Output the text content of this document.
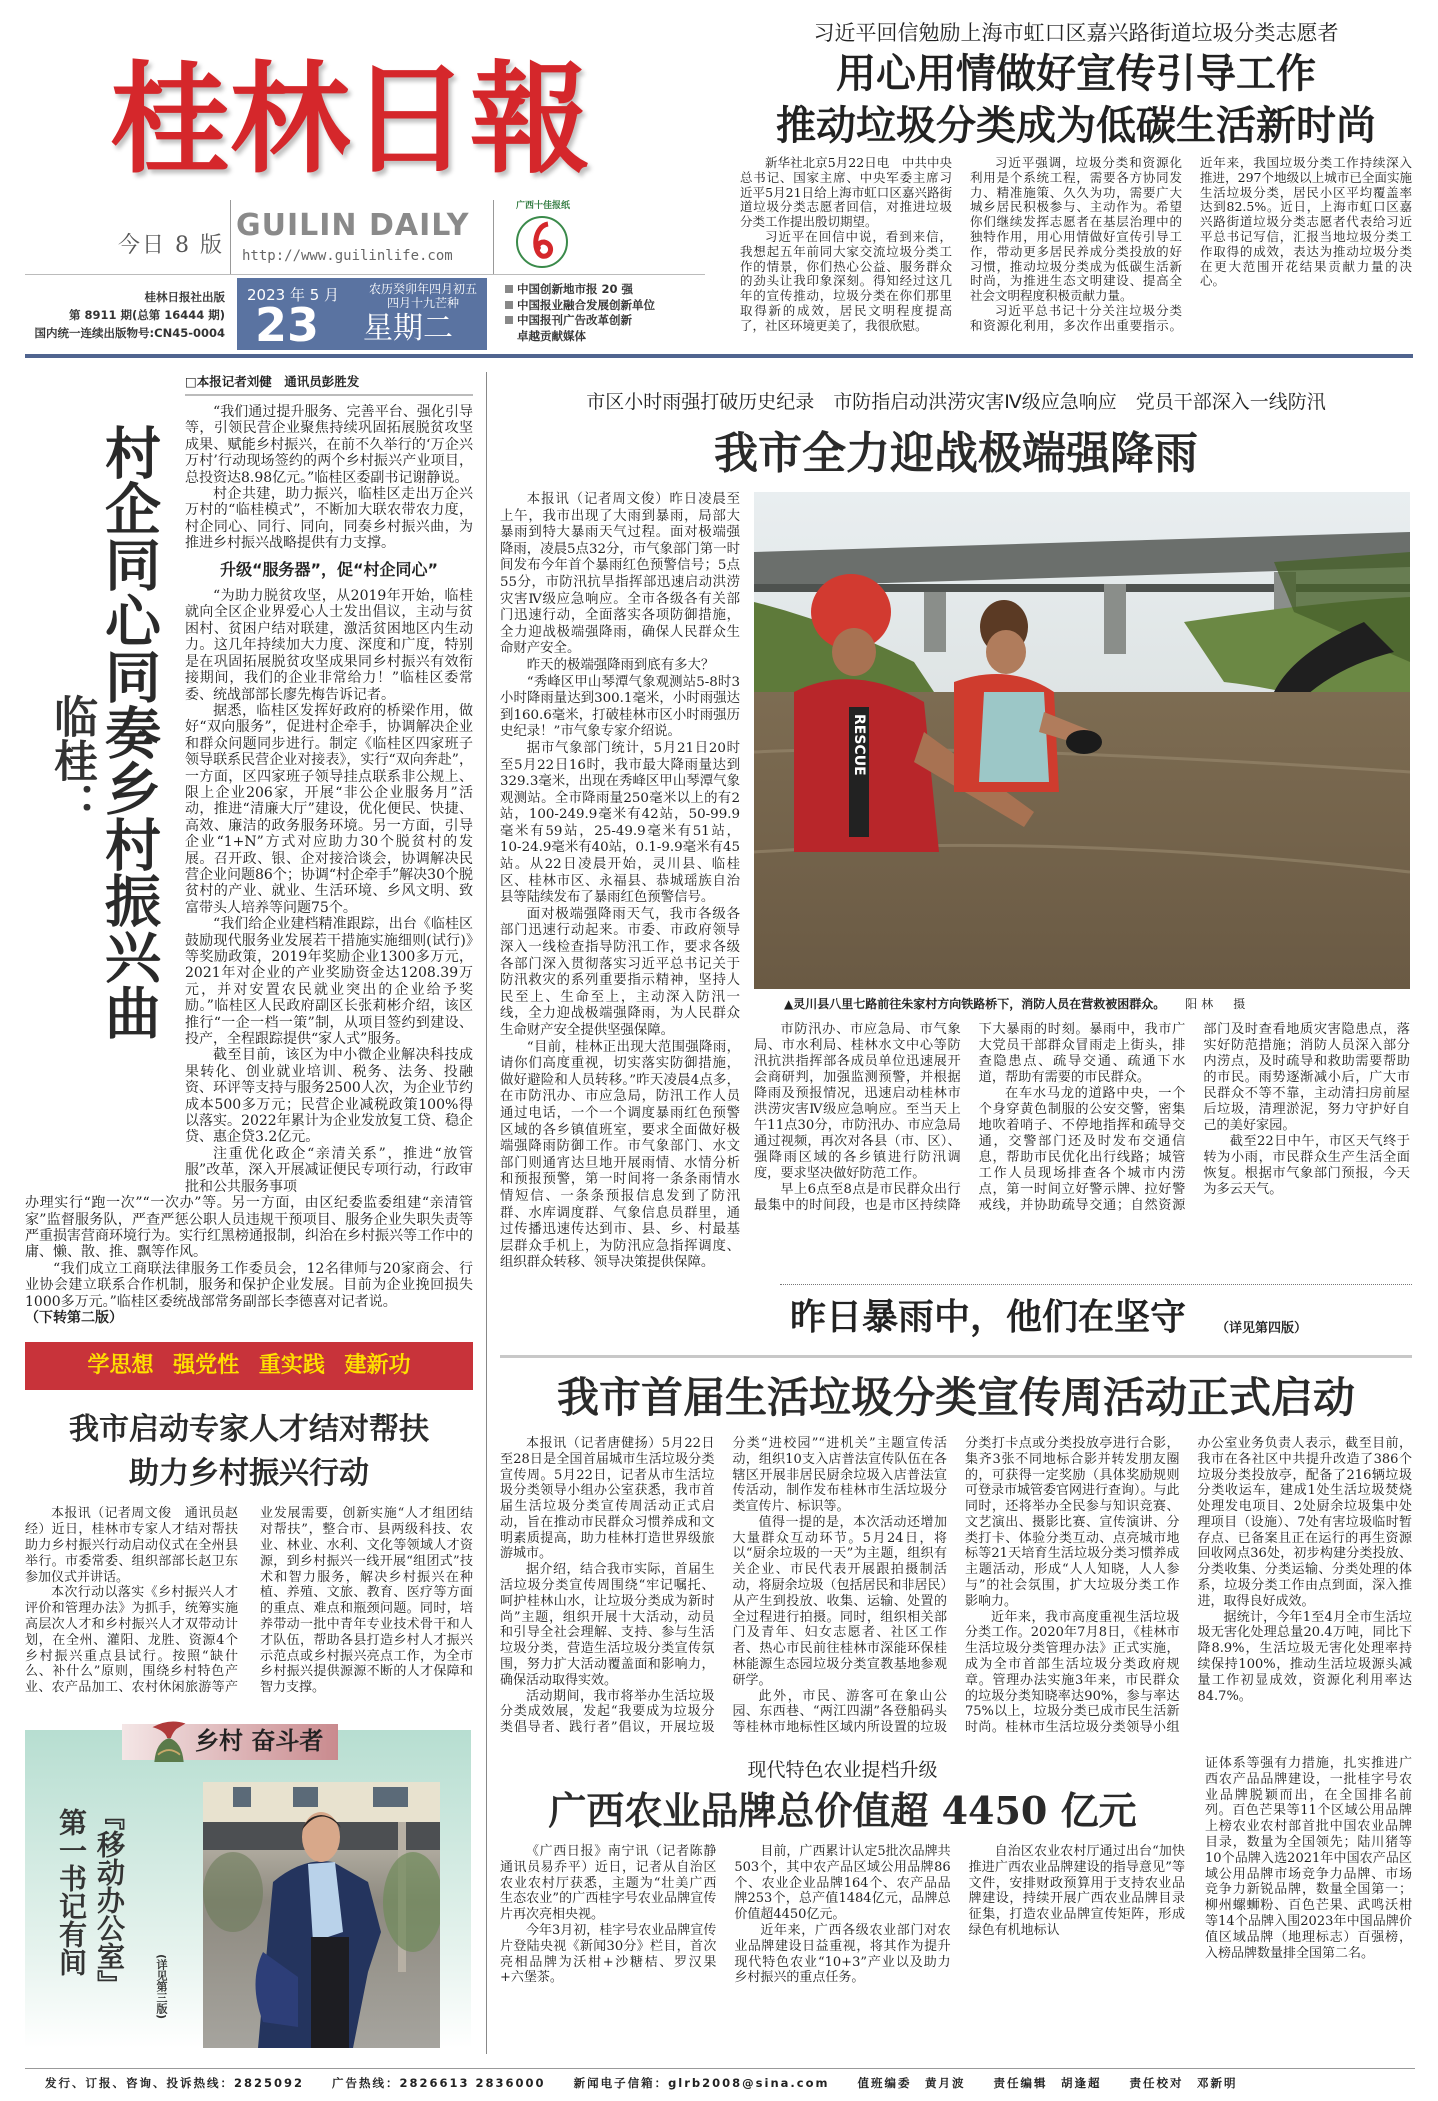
桂林日報
今日 8 版
GUILIN DAILY
http://www.guilinlife.com
广西十佳报纸
桂林日报社出版
第 8911 期(总第 16444 期)
国内统一连续出版物号:CN45-0004
2023 年 5 月
23
农历癸卯年四月初五
四月十九芒种
星期二
中国创新地市报 20 强
中国报业融合发展创新单位
中国报刊广告改革创新
卓越贡献媒体
习近平回信勉励上海市虹口区嘉兴路街道垃圾分类志愿者
用心用情做好宣传引导工作
推动垃圾分类成为低碳生活新时尚

新华社北京5月22日电　中共中央总书记、国家主席、中央军委主席习近平5月21日给上海市虹口区嘉兴路街道垃圾分类志愿者回信，对推进垃圾分类工作提出殷切期望。

习近平在回信中说，看到来信，我想起五年前同大家交流垃圾分类工作的情景，你们热心公益、服务群众的劲头让我印象深刻。得知经过这几年的宣传推动，垃圾分类在你们那里取得新的成效，居民文明程度提高了，社区环境更美了，我很欣慰。

习近平强调，垃圾分类和资源化利用是个系统工程，需要各方协同发力、精准施策、久久为功，需要广大城乡居民积极参与、主动作为。希望你们继续发挥志愿者在基层治理中的独特作用，用心用情做好宣传引导工作，带动更多居民养成分类投放的好习惯，推动垃圾分类成为低碳生活新时尚，为推进生态文明建设、提高全社会文明程度积极贡献力量。

习近平总书记十分关注垃圾分类和资源化利用，多次作出重要指示。近年来，我国垃圾分类工作持续深入推进，297个地级以上城市已全面实施生活垃圾分类，居民小区平均覆盖率达到82.5%。近日，上海市虹口区嘉兴路街道垃圾分类志愿者代表给习近平总书记写信，汇报当地垃圾分类工作取得的成效，表达为推动垃圾分类在更大范围开花结果贡献力量的决心。

□本报记者刘健　通讯员彭胜发
村企同心同奏乡村振兴曲
临桂：

“我们通过提升服务、完善平台、强化引导等，引领民营企业聚焦持续巩固拓展脱贫攻坚成果、赋能乡村振兴，在前不久举行的‘万企兴万村’行动现场签约的两个乡村振兴产业项目，总投资达8.98亿元。”临桂区委副书记谢静说。

村企共建，助力振兴，临桂区走出万企兴万村的“临桂模式”，不断加大联农带农力度，村企同心、同行、同向，同奏乡村振兴曲，为推进乡村振兴战略提供有力支撑。

升级“服务器”，促“村企同心”

“为助力脱贫攻坚，从2019年开始，临桂就向全区企业界爱心人士发出倡议，主动与贫困村、贫困户结对联建，激活贫困地区内生动力。这几年持续加大力度、深度和广度，特别是在巩固拓展脱贫攻坚成果同乡村振兴有效衔接期间，我们的企业非常给力！”临桂区委常委、统战部部长廖先梅告诉记者。

据悉，临桂区发挥好政府的桥梁作用，做好“双向服务”，促进村企牵手，协调解决企业和群众问题同步进行。制定《临桂区四家班子领导联系民营企业对接表》，实行“双向奔赴”，一方面，区四家班子领导挂点联系非公规上、限上企业206家，开展“非公企业服务月”活动，推进“清廉大厅”建设，优化便民、快捷、高效、廉洁的政务服务环境。另一方面，引导企业“1+N”方式对应助力30个脱贫村的发展。召开政、银、企对接洽谈会，协调解决民营企业问题86个；协调“村企牵手”解决30个脱贫村的产业、就业、生活环境、乡风文明、致富带头人培养等问题75个。

“我们给企业建档精准跟踪，出台《临桂区鼓励现代服务业发展若干措施实施细则(试行)》等奖励政策，2019年奖励企业1300多万元，2021年对企业的产业奖励资金达1208.39万元，并对安置农民就业突出的企业给予奖励。”临桂区人民政府副区长张莉彬介绍，该区推行“一企一档一策”制，从项目签约到建设、投产，全程跟踪提供“家人式”服务。

截至目前，该区为中小微企业解决科技成果转化、创业就业培训、税务、法务、投融资、环评等支持与服务2500人次，为企业节约成本500多万元；民营企业减税政策100%得以落实。2022年累计为企业发放复工贷、稳企贷、惠企贷3.2亿元。

注重优化政企“亲清关系”，推进“放管服”改革，深入开展减证便民专项行动，行政审批和公共服务事项

办理实行“跑一次”“一次办”等。另一方面，由区纪委监委组建“亲清管家”监督服务队，严查严惩公职人员违规干预项目、服务企业失职失责等严重损害营商环境行为。实行红黑榜通报制，纠治在乡村振兴等工作中的庸、懒、散、推、飘等作风。

“我们成立工商联法律服务工作委员会，12名律师与20家商会、行业协会建立联系合作机制，服务和保护企业发展。目前为企业挽回损失1000多万元。”临桂区委统战部常务副部长李德喜对记者说。

（下转第二版）
学思想 强党性 重实践 建新功
我市启动专家人才结对帮扶
助力乡村振兴行动

本报讯（记者周文俊　通讯员赵经）近日，桂林市专家人才结对帮扶助力乡村振兴行动启动仪式在全州县举行。市委常委、组织部部长赵卫东参加仪式并讲话。

本次行动以落实《乡村振兴人才评价和管理办法》为抓手，统筹实施高层次人才和乡村振兴人才双带动计划，在全州、灌阳、龙胜、资源4个乡村振兴重点县试行。按照“缺什么、补什么”原则，围绕乡村特色产业、农产品加工、农村休闲旅游等产业发展需要，创新实施“人才组团结对帮扶”，整合市、县两级科技、农业、林业、水利、文化等领域人才资源，到乡村振兴一线开展“组团式”技术和智力服务，解决乡村振兴在种植、养殖、文旅、教育、医疗等方面的重点、难点和瓶颈问题。同时，培养带动一批中青年专业技术骨干和人才队伍，帮助各县打造乡村人才振兴示范点或乡村振兴亮点工作，为全市乡村振兴提供源源不断的人才保障和智力支撑。

乡村 奋斗者
『移动办公室』
第一书记有间
(详见第三版)
市区小时雨强打破历史纪录　市防指启动洪涝灾害Ⅳ级应急响应　党员干部深入一线防汛
我市全力迎战极端强降雨

本报讯（记者周文俊）昨日凌晨至上午，我市出现了大雨到暴雨，局部大暴雨到特大暴雨天气过程。面对极端强降雨，凌晨5点32分，市气象部门第一时间发布今年首个暴雨红色预警信号；5点55分，市防汛抗旱指挥部迅速启动洪涝灾害Ⅳ级应急响应。全市各级各有关部门迅速行动，全面落实各项防御措施，全力迎战极端强降雨，确保人民群众生命财产安全。

昨天的极端强降雨到底有多大？

“秀峰区甲山琴潭气象观测站5-8时3小时降雨量达到300.1毫米，小时雨强达到160.6毫米，打破桂林市区小时雨强历史纪录！”市气象专家介绍说。

据市气象部门统计，5月21日20时至5月22日16时，我市最大降雨量达到329.3毫米，出现在秀峰区甲山琴潭气象观测站。全市降雨量250毫米以上的有2站，100-249.9毫米有42站，50-99.9毫米有59站，25-49.9毫米有51站，10-24.9毫米有40站，0.1-9.9毫米有45站。从22日凌晨开始，灵川县、临桂区、桂林市区、永福县、恭城瑶族自治县等陆续发布了暴雨红色预警信号。

面对极端强降雨天气，我市各级各部门迅速行动起来。市委、市政府领导深入一线检查指导防汛工作，要求各级各部门深入贯彻落实习近平总书记关于防汛救灾的系列重要指示精神，坚持人民至上、生命至上，主动深入防汛一线，全力迎战极端强降雨，为人民群众生命财产安全提供坚强保障。

“目前，桂林正出现大范围强降雨，请你们高度重视，切实落实防御措施，做好避险和人员转移。”昨天凌晨4点多，在市防汛办、市应急局，防汛工作人员通过电话，一个一个调度暴雨红色预警区域的各乡镇值班室，要求全面做好极端强降雨防御工作。市气象部门、水文部门则通宵达旦地开展雨情、水情分析和预报预警，第一时间将一条条雨情水情短信、一条条预报信息发到了防汛群、水库调度群、气象信息员群里，通过传播迅速传达到市、县、乡、村最基层群众手机上，为防汛应急指挥调度、组织群众转移、领导决策提供保障。

RESCUE
▲灵川县八里七路前往朱家村方向铁路桥下，消防人员在营救被困群众。 阳林　摄

市防汛办、市应急局、市气象局、市水利局、桂林水文中心等防汛抗洪指挥部各成员单位迅速展开会商研判，加强监测预警，并根据降雨及预报情况，迅速启动桂林市洪涝灾害Ⅳ级应急响应。至当天上午11点30分，市防汛办、市应急局通过视频，再次对各县（市、区）、强降雨区域的各乡镇进行防汛调度，要求坚决做好防范工作。

早上6点至8点是市民群众出行最集中的时间段，也是市区持续降下大暴雨的时刻。暴雨中，我市广大党员干部群众冒雨走上街头，排查隐患点、疏导交通、疏通下水道，帮助有需要的市民群众。

在车水马龙的道路中央，一个个身穿黄色制服的公安交警，密集地吹着哨子、不停地指挥和疏导交通，交警部门还及时发布交通信息，帮助市民优化出行线路；城管工作人员现场排查各个城市内涝点，第一时间立好警示牌、拉好警戒线，并协助疏导交通；自然资源部门及时查看地质灾害隐患点，落实好防范措施；消防人员深入部分内涝点，及时疏导和救助需要帮助的市民。雨势逐渐减小后，广大市民群众不等不靠，主动清扫房前屋后垃圾，清理淤泥，努力守护好自己的美好家园。

截至22日中午，市区天气终于转为小雨，市民群众生产生活全面恢复。根据市气象部门预报，今天为多云天气。

昨日暴雨中，他们在坚守 （详见第四版）
我市首届生活垃圾分类宣传周活动正式启动

本报讯（记者唐健扬）5月22日至28日是全国首届城市生活垃圾分类宣传周。5月22日，记者从市生活垃圾分类领导小组办公室获悉，我市首届生活垃圾分类宣传周活动正式启动，旨在推动市民群众习惯养成和文明素质提高，助力桂林打造世界级旅游城市。

据介绍，结合我市实际，首届生活垃圾分类宣传周围绕“牢记嘱托、呵护桂林山水，让垃圾分类成为新时尚”主题，组织开展十大活动，动员和引导全社会理解、支持、参与生活垃圾分类，营造生活垃圾分类宣传氛围，努力扩大活动覆盖面和影响力，确保活动取得实效。

活动期间，我市将举办生活垃圾分类成效展，发起“我要成为垃圾分类倡导者、践行者”倡议，开展垃圾分类“进校园”“进机关”主题宣传活动，组织10支入店普法宣传队伍在各辖区开展非居民厨余垃圾入店普法宣传活动，制作发布桂林市生活垃圾分类宣传片、标识等。

值得一提的是，本次活动还增加大量群众互动环节。5月24日，将以“厨余垃圾的一天”为主题，组织有关企业、市民代表开展跟拍摄制活动，将厨余垃圾（包括居民和非居民）从产生到投放、收集、运输、处置的全过程进行拍摄。同时，组织相关部门及青年、妇女志愿者、社区工作者、热心市民前往桂林市深能环保桂林能源生态园垃圾分类宣教基地参观研学。

此外，市民、游客可在象山公园、东西巷、“两江四湖”各登船码头等桂林市地标性区域内所设置的垃圾分类打卡点或分类投放亭进行合影，集齐3张不同地标合影并转发朋友圈的，可获得一定奖励（具体奖励规则可登录市城管委官网进行查询）。与此同时，还将举办全民参与知识竞赛、文艺演出、摄影比赛、宣传演讲、分类打卡、体验分类互动、点亮城市地标等21天培育生活垃圾分类习惯养成主题活动，形成“人人知晓，人人参与”的社会氛围，扩大垃圾分类工作影响力。

近年来，我市高度重视生活垃圾分类工作。2020年7月8日，《桂林市生活垃圾分类管理办法》正式实施，成为全市首部生活垃圾分类政府规章。管理办法实施3年来，市民群众的垃圾分类知晓率达90%，参与率达75%以上，垃圾分类已成市民生活新时尚。桂林市生活垃圾分类领导小组办公室业务负责人表示，截至目前，我市在各社区中共提升改造了386个垃圾分类投放亭，配备了216辆垃圾分类收运车，建成1处生活垃圾焚烧处理发电项目、2处厨余垃圾集中处理项目（设施）、7处有害垃圾临时暂存点、已备案且正在运行的再生资源回收网点36处，初步构建分类投放、分类收集、分类运输、分类处理的体系，垃圾分类工作由点到面，深入推进，取得良好成效。

据统计，今年1至4月全市生活垃圾无害化处理总量20.4万吨，同比下降8.9%，生活垃圾无害化处理率持续保持100%，推动生活垃圾源头减量工作初显成效，资源化利用率达84.7%。

现代特色农业提档升级
广西农业品牌总价值超 4450 亿元

《广西日报》南宁讯（记者陈静　通讯员易乔平）近日，记者从自治区农业农村厅获悉，主题为“壮美广西　生态农业”的广西桂字号农业品牌宣传片再次亮相央视。

今年3月初，桂字号农业品牌宣传片登陆央视《新闻30分》栏目，首次亮相品牌为沃柑+沙糖桔、罗汉果+六堡茶。

目前，广西累计认定5批次品牌共503个，其中农产品区域公用品牌86个、农业企业品牌164个、农产品品牌253个，总产值1484亿元，品牌总价值超4450亿元。

近年来，广西各级农业部门对农业品牌建设日益重视，将其作为提升现代特色农业“10+3”产业以及助力乡村振兴的重点任务。

自治区农业农村厅通过出台“加快推进广西农业品牌建设的指导意见”等文件，安排财政预算用于支持农业品牌建设，持续开展广西农业品牌目录征集，打造农业品牌宣传矩阵，形成绿色有机地标认

证体系等强有力措施，扎实推进广西农产品品牌建设，一批桂字号农业品牌脱颖而出，在全国排名前列。百色芒果等11个区域公用品牌上榜农业农村部首批中国农业品牌目录，数量为全国领先；陆川猪等10个品牌入选2021年中国农产品区域公用品牌市场竞争力品牌、市场竞争力新锐品牌，数量全国第一；柳州螺蛳粉、百色芒果、武鸣沃柑等14个品牌入围2023年中国品牌价值区域品牌（地理标志）百强榜，入榜品牌数量排全国第二名。

发行、订报、咨询、投诉热线：2825092 广告热线：2826613 2836000 新闻电子信箱：glrb2008@sina.com 值班编委　黄月波 责任编辑　胡逢超 责任校对　邓新明
